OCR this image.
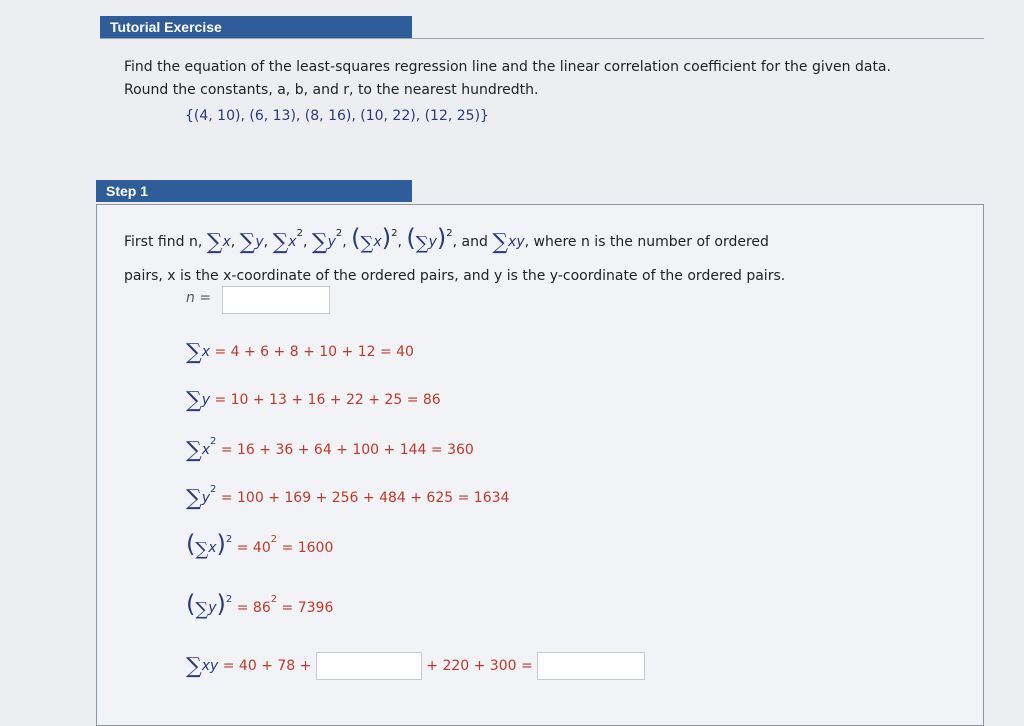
Tutorial Exercise
Find the equation of the least-squares regression line and the linear correlation coefficient for the given data.
Round the constants, a, b, and r, to the nearest hundredth.
{(4, 10), (6, 13), (8, 16), (10, 22), (12, 25)}
Step 1
First find n, ∑x, ∑y, $\sum x^2$, $\sum y^2$, $(\sum x)^2$, $(\sum y)^2$, and ∑xy, where n is the number of ordered
pairs, x is the x-coordinate of the ordered pairs, and y is the y-coordinate of the ordered pairs.
n =
∑x = 4 + 6 + 8 + 10 + 12 = 40
∑y = 10 + 13 + 16 + 22 + 25 = 86
$\sum x^2 = 16 + 36 + 64 + 100 + 144 = 360$
$\sum y^2 = 100 + 169 + 256 + 484 + 625 = 1634$
$(\sum x)^2 = 40^2 = 1600$
$(\sum y)^2 = 86^2 = 7396$
∑xy = 40 + 78 +	+ 220 + 300 =
